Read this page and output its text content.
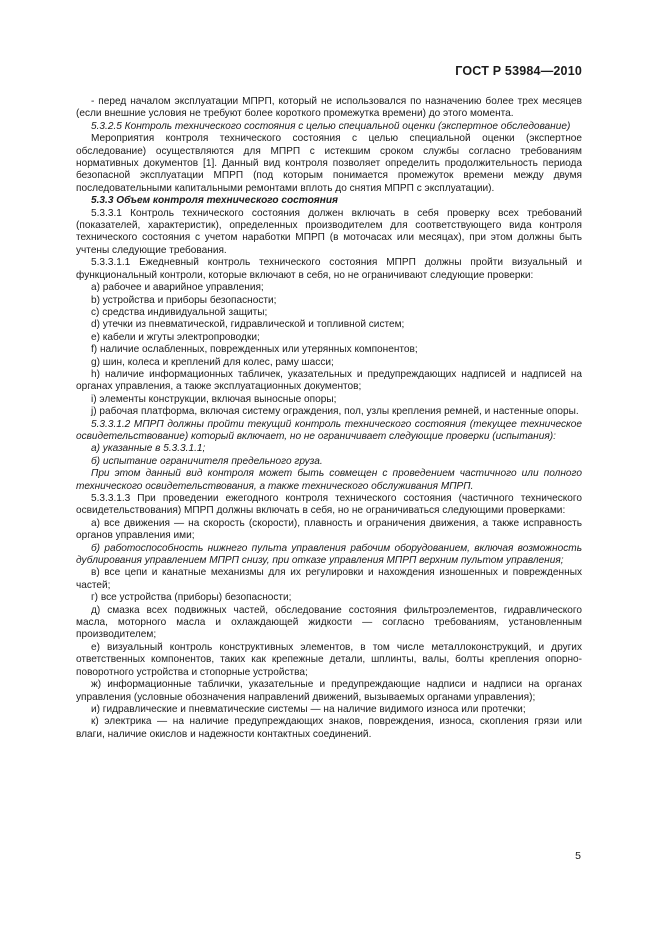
ГОСТ Р 53984—2010

- перед началом эксплуатации МПРП, который не использовался по назначению более трех месяцев (если внешние условия не требуют более короткого промежутка времени) до этого момента.

5.3.2.5 Контроль технического состояния с целью специальной оценки (экспертное обследование)

Мероприятия контроля технического состояния с целью специальной оценки (экспертное обследование) осуществляются для МПРП с истекшим сроком службы согласно требованиям нормативных документов [1]. Данный вид контроля позволяет определить продолжительность периода безопасной эксплуатации МПРП (под которым понимается промежуток времени между двумя последовательными капитальными ремонтами вплоть до снятия МПРП с эксплуатации).

5.3.3 Объем контроля технического состояния

5.3.3.1 Контроль технического состояния должен включать в себя проверку всех требований (показателей, характеристик), определенных производителем для соответствующего вида контроля технического состояния с учетом наработки МПРП (в моточасах или месяцах), при этом должны быть учтены следующие требования.

5.3.3.1.1 Ежедневный контроль технического состояния МПРП должны пройти визуальный и функциональный контроли, которые включают в себя, но не ограничивают следующие проверки:

a) рабочее и аварийное управления;

b) устройства и приборы безопасности;

c) средства индивидуальной защиты;

d) утечки из пневматической, гидравлической и топливной систем;

e) кабели и жгуты электропроводки;

f) наличие ослабленных, поврежденных или утерянных компонентов;

g) шин, колеса и креплений для колес, раму шасси;

h) наличие информационных табличек, указательных и предупреждающих надписей и надписей на органах управления, а также эксплуатационных документов;

i) элементы конструкции, включая выносные опоры;

j) рабочая платформа, включая систему ограждения, пол, узлы крепления ремней, и настенные опоры.

5.3.3.1.2 МПРП должны пройти текущий контроль технического состояния (текущее техническое освидетельствование) который включает, но не ограничивает следующие проверки (испытания):

а) указанные в 5.3.3.1.1;

б) испытание ограничителя предельного груза.

При этом данный вид контроля может быть совмещен с проведением частичного или полного технического освидетельствования, а также технического обслуживания МПРП.

5.3.3.1.3 При проведении ежегодного контроля технического состояния (частичного технического освидетельствования) МПРП должны включать в себя, но не ограничиваться следующими проверками:

а) все движения — на скорость (скорости), плавность и ограничения движения, а также исправность органов управления ими;

б) работоспособность нижнего пульта управления рабочим оборудованием, включая возможность дублирования управлением МПРП снизу, при отказе управления МПРП верхним пультом управления;

в) все цепи и канатные механизмы для их регулировки и нахождения изношенных и поврежденных частей;

г) все устройства (приборы) безопасности;

д) смазка всех подвижных частей, обследование состояния фильтроэлементов, гидравлического масла, моторного масла и охлаждающей жидкости — согласно требованиям, установленным производителем;

е) визуальный контроль конструктивных элементов, в том числе металлоконструкций, и других ответственных компонентов, таких как крепежные детали, шплинты, валы, болты крепления опорно-поворотного устройства и стопорные устройства;

ж) информационные таблички, указательные и предупреждающие надписи и надписи на органах управления (условные обозначения направлений движений, вызываемых органами управления);

и) гидравлические и пневматические системы — на наличие видимого износа или протечки;

к) электрика — на наличие предупреждающих знаков, повреждения, износа, скопления грязи или влаги, наличие окислов и надежности контактных соединений.

5
